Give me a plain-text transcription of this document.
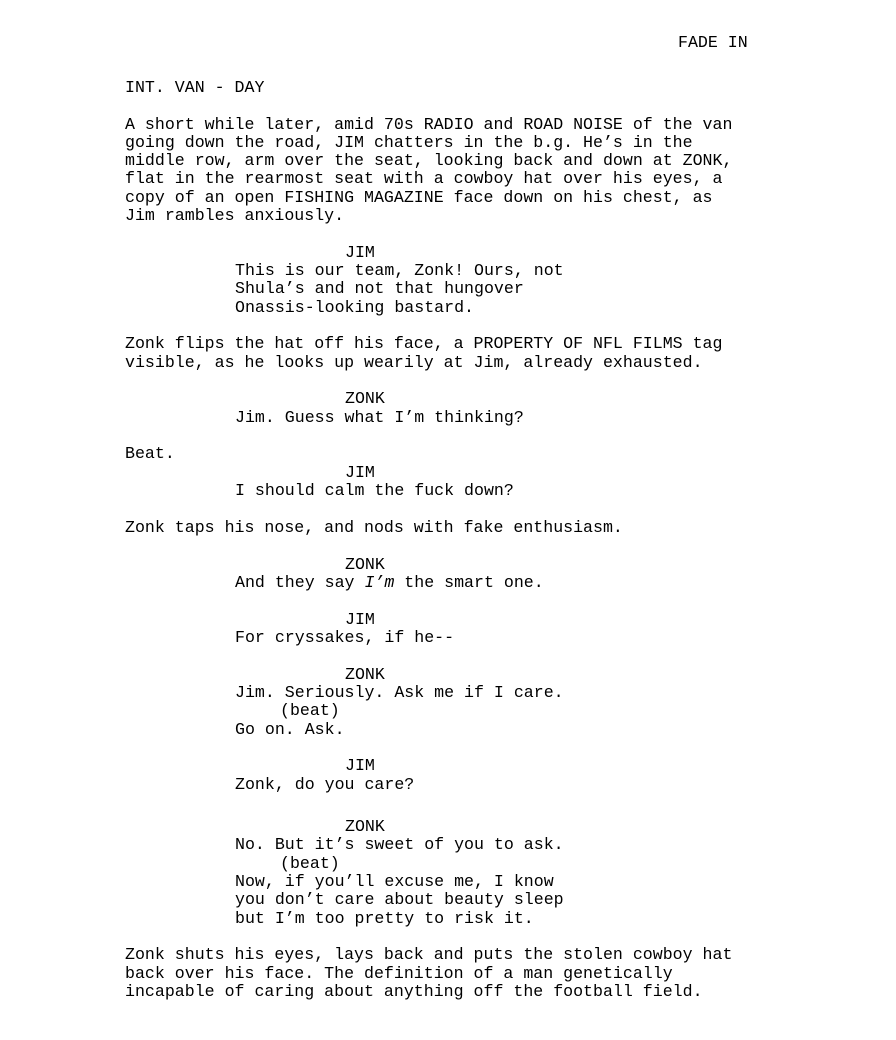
FADE IN
INT. VAN - DAY
A short while later, amid 70s RADIO and ROAD NOISE of the van
going down the road, JIM chatters in the b.g. He’s in the
middle row, arm over the seat, looking back and down at ZONK,
flat in the rearmost seat with a cowboy hat over his eyes, a
copy of an open FISHING MAGAZINE face down on his chest, as
Jim rambles anxiously.
JIM
This is our team, Zonk! Ours, not
Shula’s and not that hungover
Onassis-looking bastard.
Zonk flips the hat off his face, a PROPERTY OF NFL FILMS tag
visible, as he looks up wearily at Jim, already exhausted.
ZONK
Jim. Guess what I’m thinking?
Beat.
JIM
I should calm the fuck down?
Zonk taps his nose, and nods with fake enthusiasm.
ZONK
And they say I’m the smart one.
JIM
For cryssakes, if he--
ZONK
Jim. Seriously. Ask me if I care.
(beat)
Go on. Ask.
JIM
Zonk, do you care?
ZONK
No. But it’s sweet of you to ask.
(beat)
Now, if you’ll excuse me, I know
you don’t care about beauty sleep
but I’m too pretty to risk it.
Zonk shuts his eyes, lays back and puts the stolen cowboy hat
back over his face. The definition of a man genetically
incapable of caring about anything off the football field.
